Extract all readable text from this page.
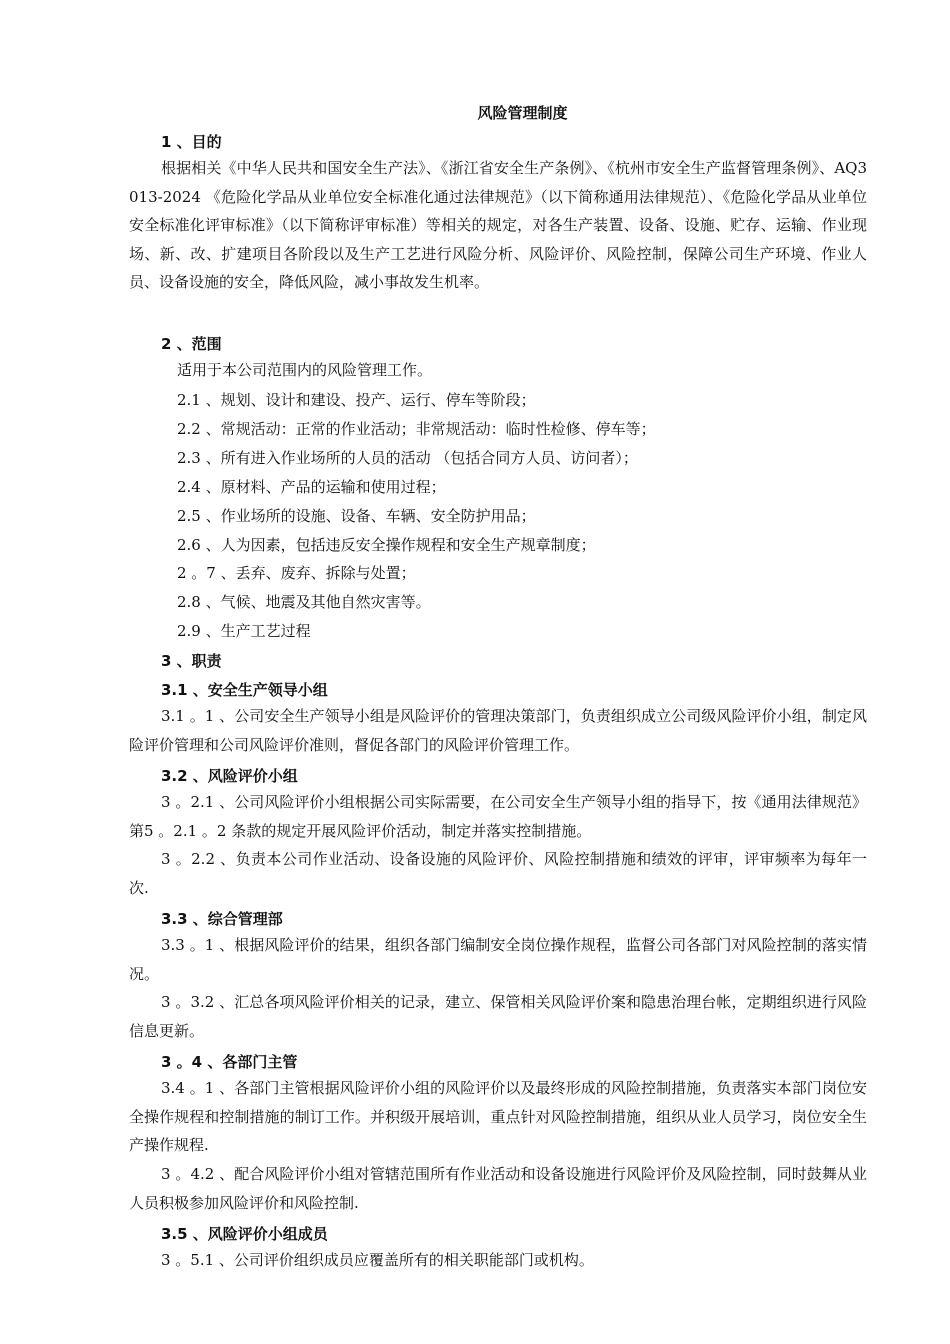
风险管理制度
1 、目的
根据相关《中华人民共和国安全生产法》、《浙江省安全生产条例》、《杭州市安全生产监督管理条例》、AQ3013-2024 《危险化学品从业单位安全标准化通过法律规范》（以下简称通用法律规范）、《危险化学品从业单位安全标准化评审标准》（以下简称评审标准）等相关的规定，对各生产装置、设备、设施、贮存、运输、作业现场、新、改、扩建项目各阶段以及生产工艺进行风险分析、风险评价、风险控制，保障公司生产环境、作业人员、设备设施的安全，降低风险，减小事故发生机率。
2 、范围
适用于本公司范围内的风险管理工作。
2.1 、规划、设计和建设、投产、运行、停车等阶段；
2.2 、常规活动：正常的作业活动；非常规活动：临时性检修、停车等；
2.3 、所有进入作业场所的人员的活动 （包括合同方人员、访问者）；
2.4 、原材料、产品的运输和使用过程；
2.5 、作业场所的设施、设备、车辆、安全防护用品；
2.6 、人为因素，包括违反安全操作规程和安全生产规章制度；
2 。7 、丢弃、废弃、拆除与处置；
2.8 、气候、地震及其他自然灾害等。
2.9 、生产工艺过程
3 、职责
3.1 、安全生产领导小组
3.1 。1 、公司安全生产领导小组是风险评价的管理决策部门，负责组织成立公司级风险评价小组，制定风险评价管理和公司风险评价准则，督促各部门的风险评价管理工作。
3.2 、风险评价小组
3 。2.1 、公司风险评价小组根据公司实际需要，在公司安全生产领导小组的指导下，按《通用法律规范》第5 。2.1 。2 条款的规定开展风险评价活动，制定并落实控制措施。
3 。2.2 、负责本公司作业活动、设备设施的风险评价、风险控制措施和绩效的评审，评审频率为每年一次.
3.3 、综合管理部
3.3 。1 、根据风险评价的结果，组织各部门编制安全岗位操作规程，监督公司各部门对风险控制的落实情况。
3 。3.2 、汇总各项风险评价相关的记录，建立、保管相关风险评价案和隐患治理台帐，定期组织进行风险信息更新。
3 。4 、各部门主管
3.4 。1 、各部门主管根据风险评价小组的风险评价以及最终形成的风险控制措施，负责落实本部门岗位安全操作规程和控制措施的制订工作。并积级开展培训，重点针对风险控制措施，组织从业人员学习，岗位安全生产操作规程.
3 。4.2 、配合风险评价小组对管辖范围所有作业活动和设备设施进行风险评价及风险控制，同时鼓舞从业人员积极参加风险评价和风险控制.
3.5 、风险评价小组成员
3 。5.1 、公司评价组织成员应覆盖所有的相关职能部门或机构。
